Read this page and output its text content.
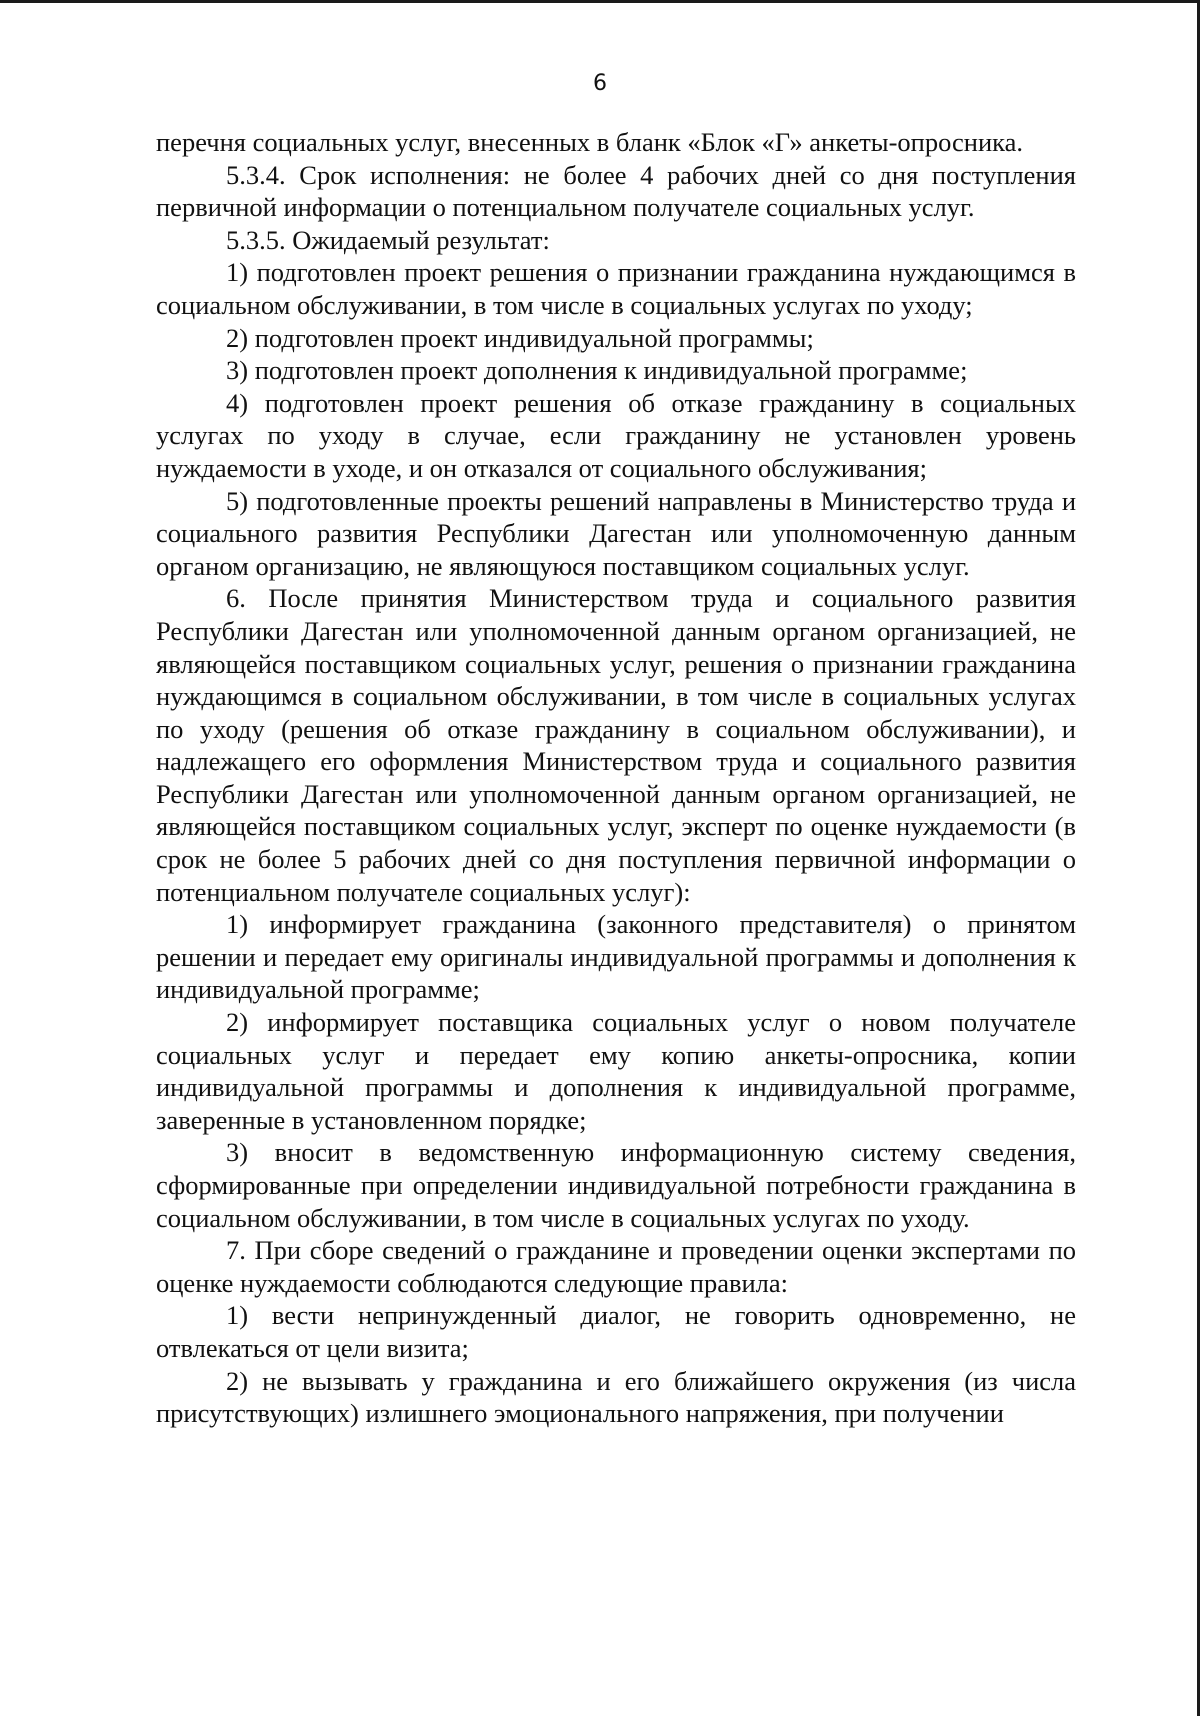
6

перечня социальных услуг, внесенных в бланк «Блок «Г» анкеты-опросника.

5.3.4. Срок исполнения: не более 4 рабочих дней со дня поступления первичной информации о потенциальном получателе социальных услуг.

5.3.5. Ожидаемый результат:

1) подготовлен проект решения о признании гражданина нуждающимся в социальном обслуживании, в том числе в социальных услугах по уходу;

2) подготовлен проект индивидуальной программы;

3) подготовлен проект дополнения к индивидуальной программе;

4) подготовлен проект решения об отказе гражданину в социальных услугах по уходу в случае, если гражданину не установлен уровень нуждаемости в уходе, и он отказался от социального обслуживания;

5) подготовленные проекты решений направлены в Министерство труда и социального развития Республики Дагестан или уполномоченную данным органом организацию, не являющуюся поставщиком социальных услуг.

6. После принятия Министерством труда и социального развития Республики Дагестан или уполномоченной данным органом организацией, не являющейся поставщиком социальных услуг, решения о признании гражданина нуждающимся в социальном обслуживании, в том числе в социальных услугах по уходу (решения об отказе гражданину в социальном обслуживании), и надлежащего его оформления Министерством труда и социального развития Республики Дагестан или уполномоченной данным органом организацией, не являющейся поставщиком социальных услуг, эксперт по оценке нуждаемости (в срок не более 5 рабочих дней со дня поступления первичной информации о потенциальном получателе социальных услуг):

1) информирует гражданина (законного представителя) о принятом решении и передает ему оригиналы индивидуальной программы и дополнения к индивидуальной программе;

2) информирует поставщика социальных услуг о новом получателе социальных услуг и передает ему копию анкеты-опросника, копии индивидуальной программы и дополнения к индивидуальной программе, заверенные в установленном порядке;

3) вносит в ведомственную информационную систему сведения, сформированные при определении индивидуальной потребности гражданина в социальном обслуживании, в том числе в социальных услугах по уходу.

7. При сборе сведений о гражданине и проведении оценки экспертами по оценке нуждаемости соблюдаются следующие правила:

1) вести непринужденный диалог, не говорить одновременно, не отвлекаться от цели визита;

2) не вызывать у гражданина и его ближайшего окружения (из числа присутствующих) излишнего эмоционального напряжения, при получении
